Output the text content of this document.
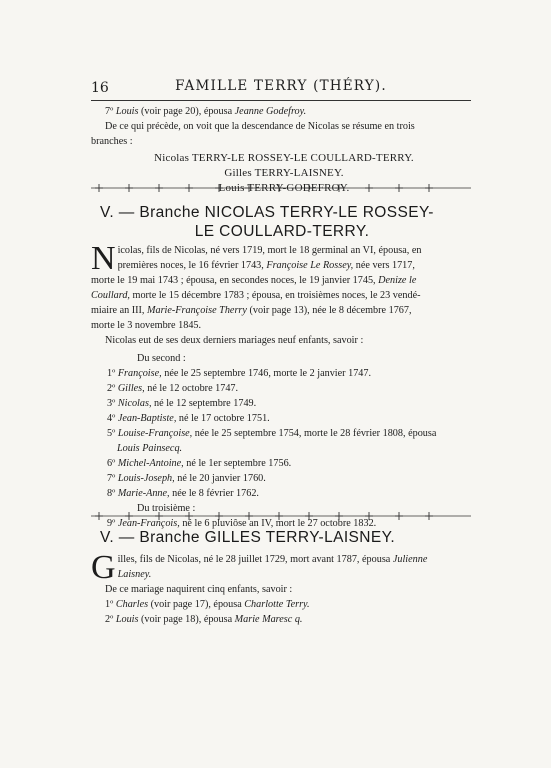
16	FAMILLE TERRY (THÉRY).
7º Louis (voir page 20), épousa Jeanne Godefroy.
De ce qui précède, on voit que la descendance de Nicolas se résume en trois
branches :
Nicolas TERRY-LE ROSSEY-LE COULLARD-TERRY.
Gilles TERRY-LAISNEY.
Louis TERRY-GODEFROY.
V. — Branche NICOLAS TERRY-LE ROSSEY-
LE COULLARD-TERRY.
N icolas, fils de Nicolas, né vers 1719, mort le 18 germinal an VI, épousa, en
premières noces, le 16 février 1743, Françoise Le Rossey, née vers 1717,
morte le 19 mai 1743 ; épousa, en secondes noces, le 19 janvier 1745, Denize le
Coullard, morte le 15 décembre 1783 ; épousa, en troisièmes noces, le 23 vendé-
miaire an III, Marie-Françoise Therry (voir page 13), née le 8 décembre 1767,
morte le 3 novembre 1845.
Nicolas eut de ses deux derniers mariages neuf enfants, savoir :
Du second :
1º Françoise, née le 25 septembre 1746, morte le 2 janvier 1747.
2º Gilles, né le 12 octobre 1747.
3º Nicolas, né le 12 septembre 1749.
4º Jean-Baptiste, né le 17 octobre 1751.
5º Louise-Françoise, née le 25 septembre 1754, morte le 28 février 1808, épousa
Louis Painsecq.
6º Michel-Antoine, né le 1er septembre 1756.
7º Louis-Joseph, né le 20 janvier 1760.
8º Marie-Anne, née le 8 février 1762.
Du troisième :
9º Jean-François, né le 6 pluviôse an IV, mort le 27 octobre 1832.
V. — Branche GILLES TERRY-LAISNEY.
G illes, fils de Nicolas, né le 28 juillet 1729, mort avant 1787, épousa Julienne
Laisney.
De ce mariage naquirent cinq enfants, savoir :
1º Charles (voir page 17), épousa Charlotte Terry.
2º Louis (voir page 18), épousa Marie Maresc q.
